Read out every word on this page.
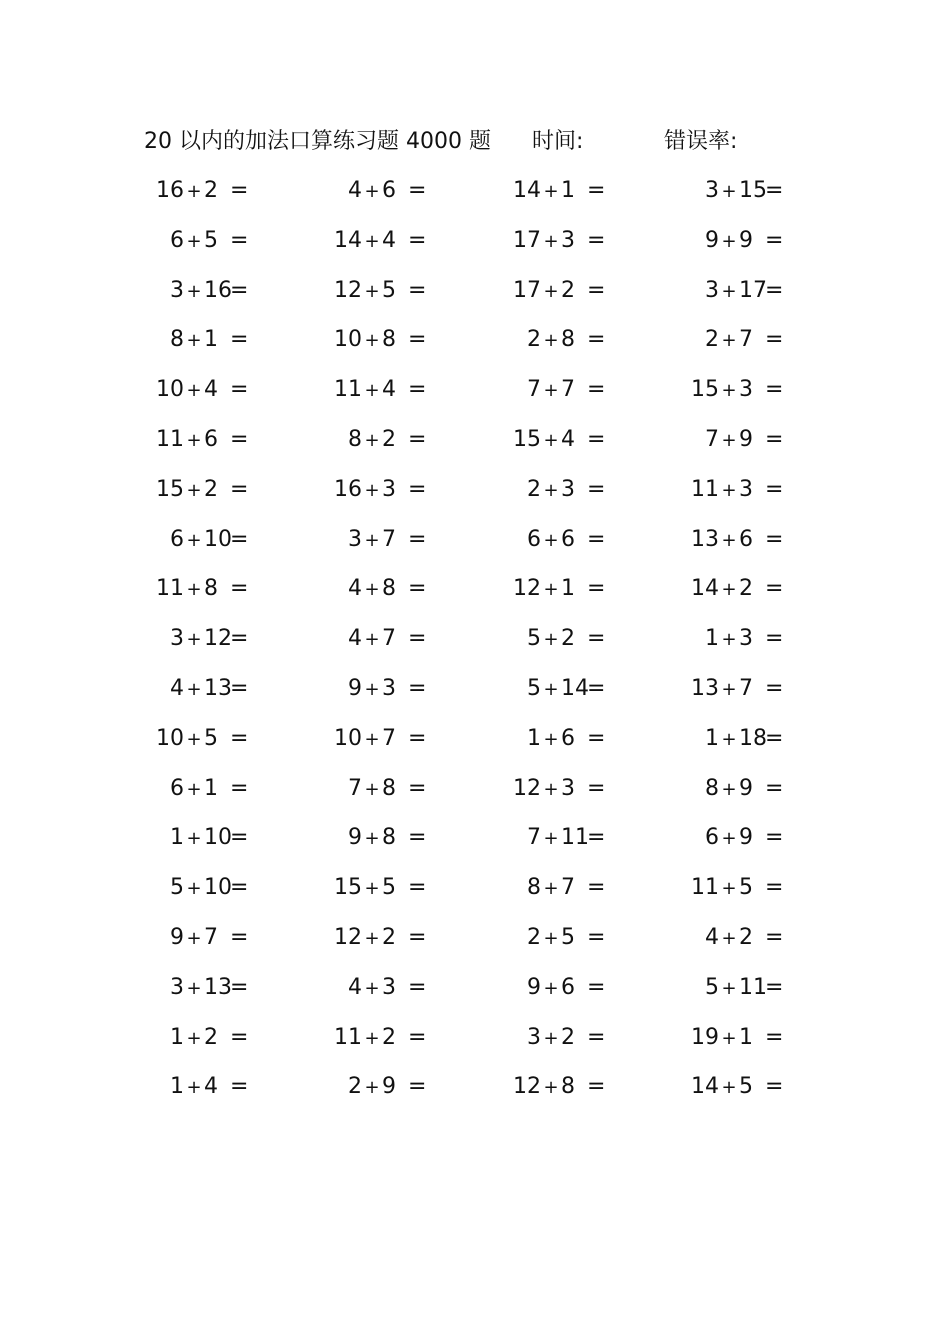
20 以内的加法口算练习题 4000 题 时间:	错误率:
16 + 2 =	4 + 6 =	14 + 1 =	3 + 15=
6 + 5 =	14 + 4 =	17 + 3 =	9 + 9 =
3 + 16=	12 + 5 =	17 + 2 =	3 + 17=
8 + 1 =	10 + 8 =	2 + 8 =	2 + 7 =
10 + 4 =	11 + 4 =	7 + 7 =	15 + 3 =
11 + 6 =	8 + 2 =	15 + 4 =	7 + 9 =
15 + 2 =	16 + 3 =	2 + 3 =	11 + 3 =
6 + 10=	3 + 7 =	6 + 6 =	13 + 6 =
11 + 8 =	4 + 8 =	12 + 1 =	14 + 2 =
3 + 12=	4 + 7 =	5 + 2 =	1 + 3 =
4 + 13=	9 + 3 =	5 + 14=	13 + 7 =
10 + 5 =	10 + 7 =	1 + 6 =	1 + 18=
6 + 1 =	7 + 8 =	12 + 3 =	8 + 9 =
1 + 10=	9 + 8 =	7 + 11=	6 + 9 =
5 + 10=	15 + 5 =	8 + 7 =	11 + 5 =
9 + 7 =	12 + 2 =	2 + 5 =	4 + 2 =
3 + 13=	4 + 3 =	9 + 6 =	5 + 11=
1 + 2 =	11 + 2 =	3 + 2 =	19 + 1 =
1 + 4 =	2 + 9 =	12 + 8 =	14 + 5 =
